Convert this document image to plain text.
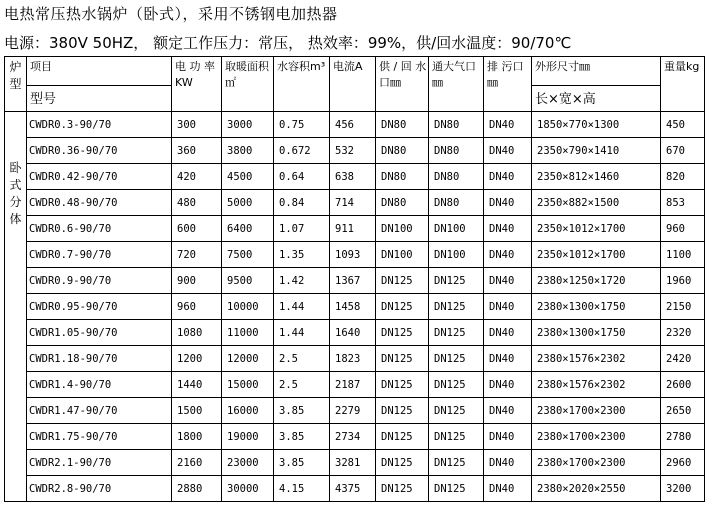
电热常压热水锅炉（卧式），采用不锈钢电加热器
电源：380V 50HZ， 额定工作压力：常压， 热效率：99%，供/回水温度：90/70℃
炉型	项目	电 功 率KW	取暖面积㎡	水容积m³	电流A	供 / 回 水口㎜	通大气口㎜	排 污口㎜	外形尺寸㎜	重量kg
	型号								长×宽×高	
卧式分体	CWDR0.3-90/70	300	3000	0.75	456	DN80	DN80	DN40	1850×770×1300	450
	CWDR0.36-90/70	360	3800	0.672	532	DN80	DN80	DN40	2350×790×1410	670
	CWDR0.42-90/70	420	4500	0.64	638	DN80	DN80	DN40	2350×812×1460	820
	CWDR0.48-90/70	480	5000	0.84	714	DN80	DN80	DN40	2350×882×1500	853
	CWDR0.6-90/70	600	6400	1.07	911	DN100	DN100	DN40	2350×1012×1700	960
	CWDR0.7-90/70	720	7500	1.35	1093	DN100	DN100	DN40	2350×1012×1700	1100
	CWDR0.9-90/70	900	9500	1.42	1367	DN125	DN125	DN40	2380×1250×1720	1960
	CWDR0.95-90/70	960	10000	1.44	1458	DN125	DN125	DN40	2380×1300×1750	2150
	CWDR1.05-90/70	1080	11000	1.44	1640	DN125	DN125	DN40	2380×1300×1750	2320
	CWDR1.18-90/70	1200	12000	2.5	1823	DN125	DN125	DN40	2380×1576×2302	2420
	CWDR1.4-90/70	1440	15000	2.5	2187	DN125	DN125	DN40	2380×1576×2302	2600
	CWDR1.47-90/70	1500	16000	3.85	2279	DN125	DN125	DN40	2380×1700×2300	2650
	CWDR1.75-90/70	1800	19000	3.85	2734	DN125	DN125	DN40	2380×1700×2300	2780
	CWDR2.1-90/70	2160	23000	3.85	3281	DN125	DN125	DN40	2380×1700×2300	2960
	CWDR2.8-90/70	2880	30000	4.15	4375	DN125	DN125	DN40	2380×2020×2550	3200
